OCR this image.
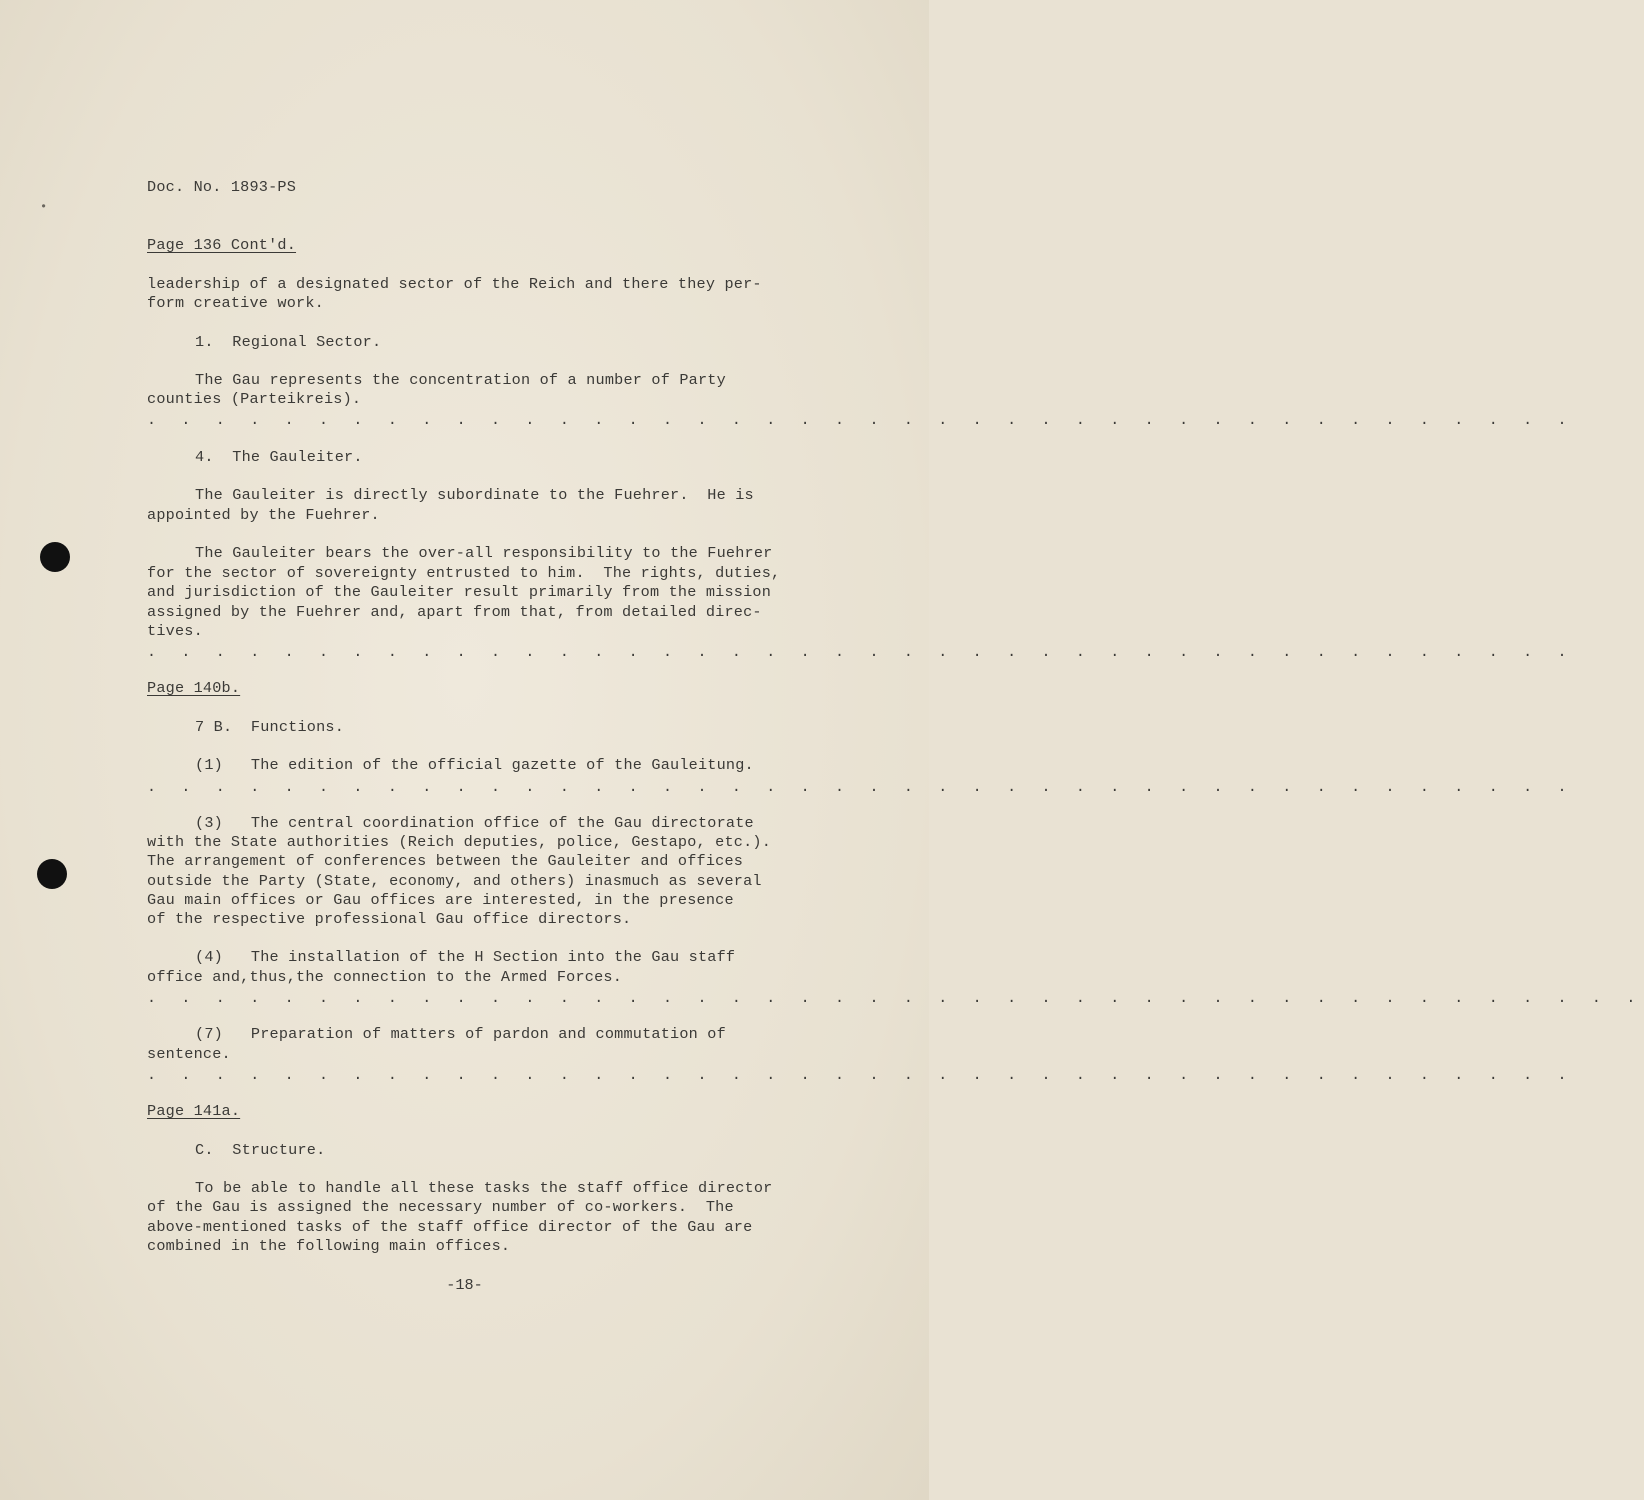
•

Doc. No. 1893-PS

Page 136 Cont'd.

leadership of a designated sector of the Reich and there they per-

form creative work.

1.  Regional Sector.

The Gau represents the concentration of a number of Party

counties (Parteikreis).

. . . . . . . . . . . . . . . . . . . . . . . . . . . . . . . . . . . . . . . . . .

4.  The Gauleiter.

The Gauleiter is directly subordinate to the Fuehrer.  He is

appointed by the Fuehrer.

The Gauleiter bears the over-all responsibility to the Fuehrer

for the sector of sovereignty entrusted to him.  The rights, duties,

and jurisdiction of the Gauleiter result primarily from the mission

assigned by the Fuehrer and, apart from that, from detailed direc-

tives.

. . . . . . . . . . . . . . . . . . . . . . . . . . . . . . . . . . . . . . . . . .

Page 140b.

7 B.  Functions.

(1)   The edition of the official gazette of the Gauleitung.

. . . . . . . . . . . . . . . . . . . . . . . . . . . . . . . . . . . . . . . . . .

(3)   The central coordination office of the Gau directorate

with the State authorities (Reich deputies, police, Gestapo, etc.).

The arrangement of conferences between the Gauleiter and offices

outside the Party (State, economy, and others) inasmuch as several

Gau main offices or Gau offices are interested, in the presence

of the respective professional Gau office directors.

(4)   The installation of the H Section into the Gau staff

office and,thus,the connection to the Armed Forces.

. . . . . . . . . . . . . . . . . . . . . . . . . . . . . . . . . . . . . . . . . . . .

(7)   Preparation of matters of pardon and commutation of

sentence.

. . . . . . . . . . . . . . . . . . . . . . . . . . . . . . . . . . . . . . . . . .

Page 141a.

C.  Structure.

To be able to handle all these tasks the staff office director

of the Gau is assigned the necessary number of co-workers.  The

above-mentioned tasks of the staff office director of the Gau are

combined in the following main offices.

-18-
